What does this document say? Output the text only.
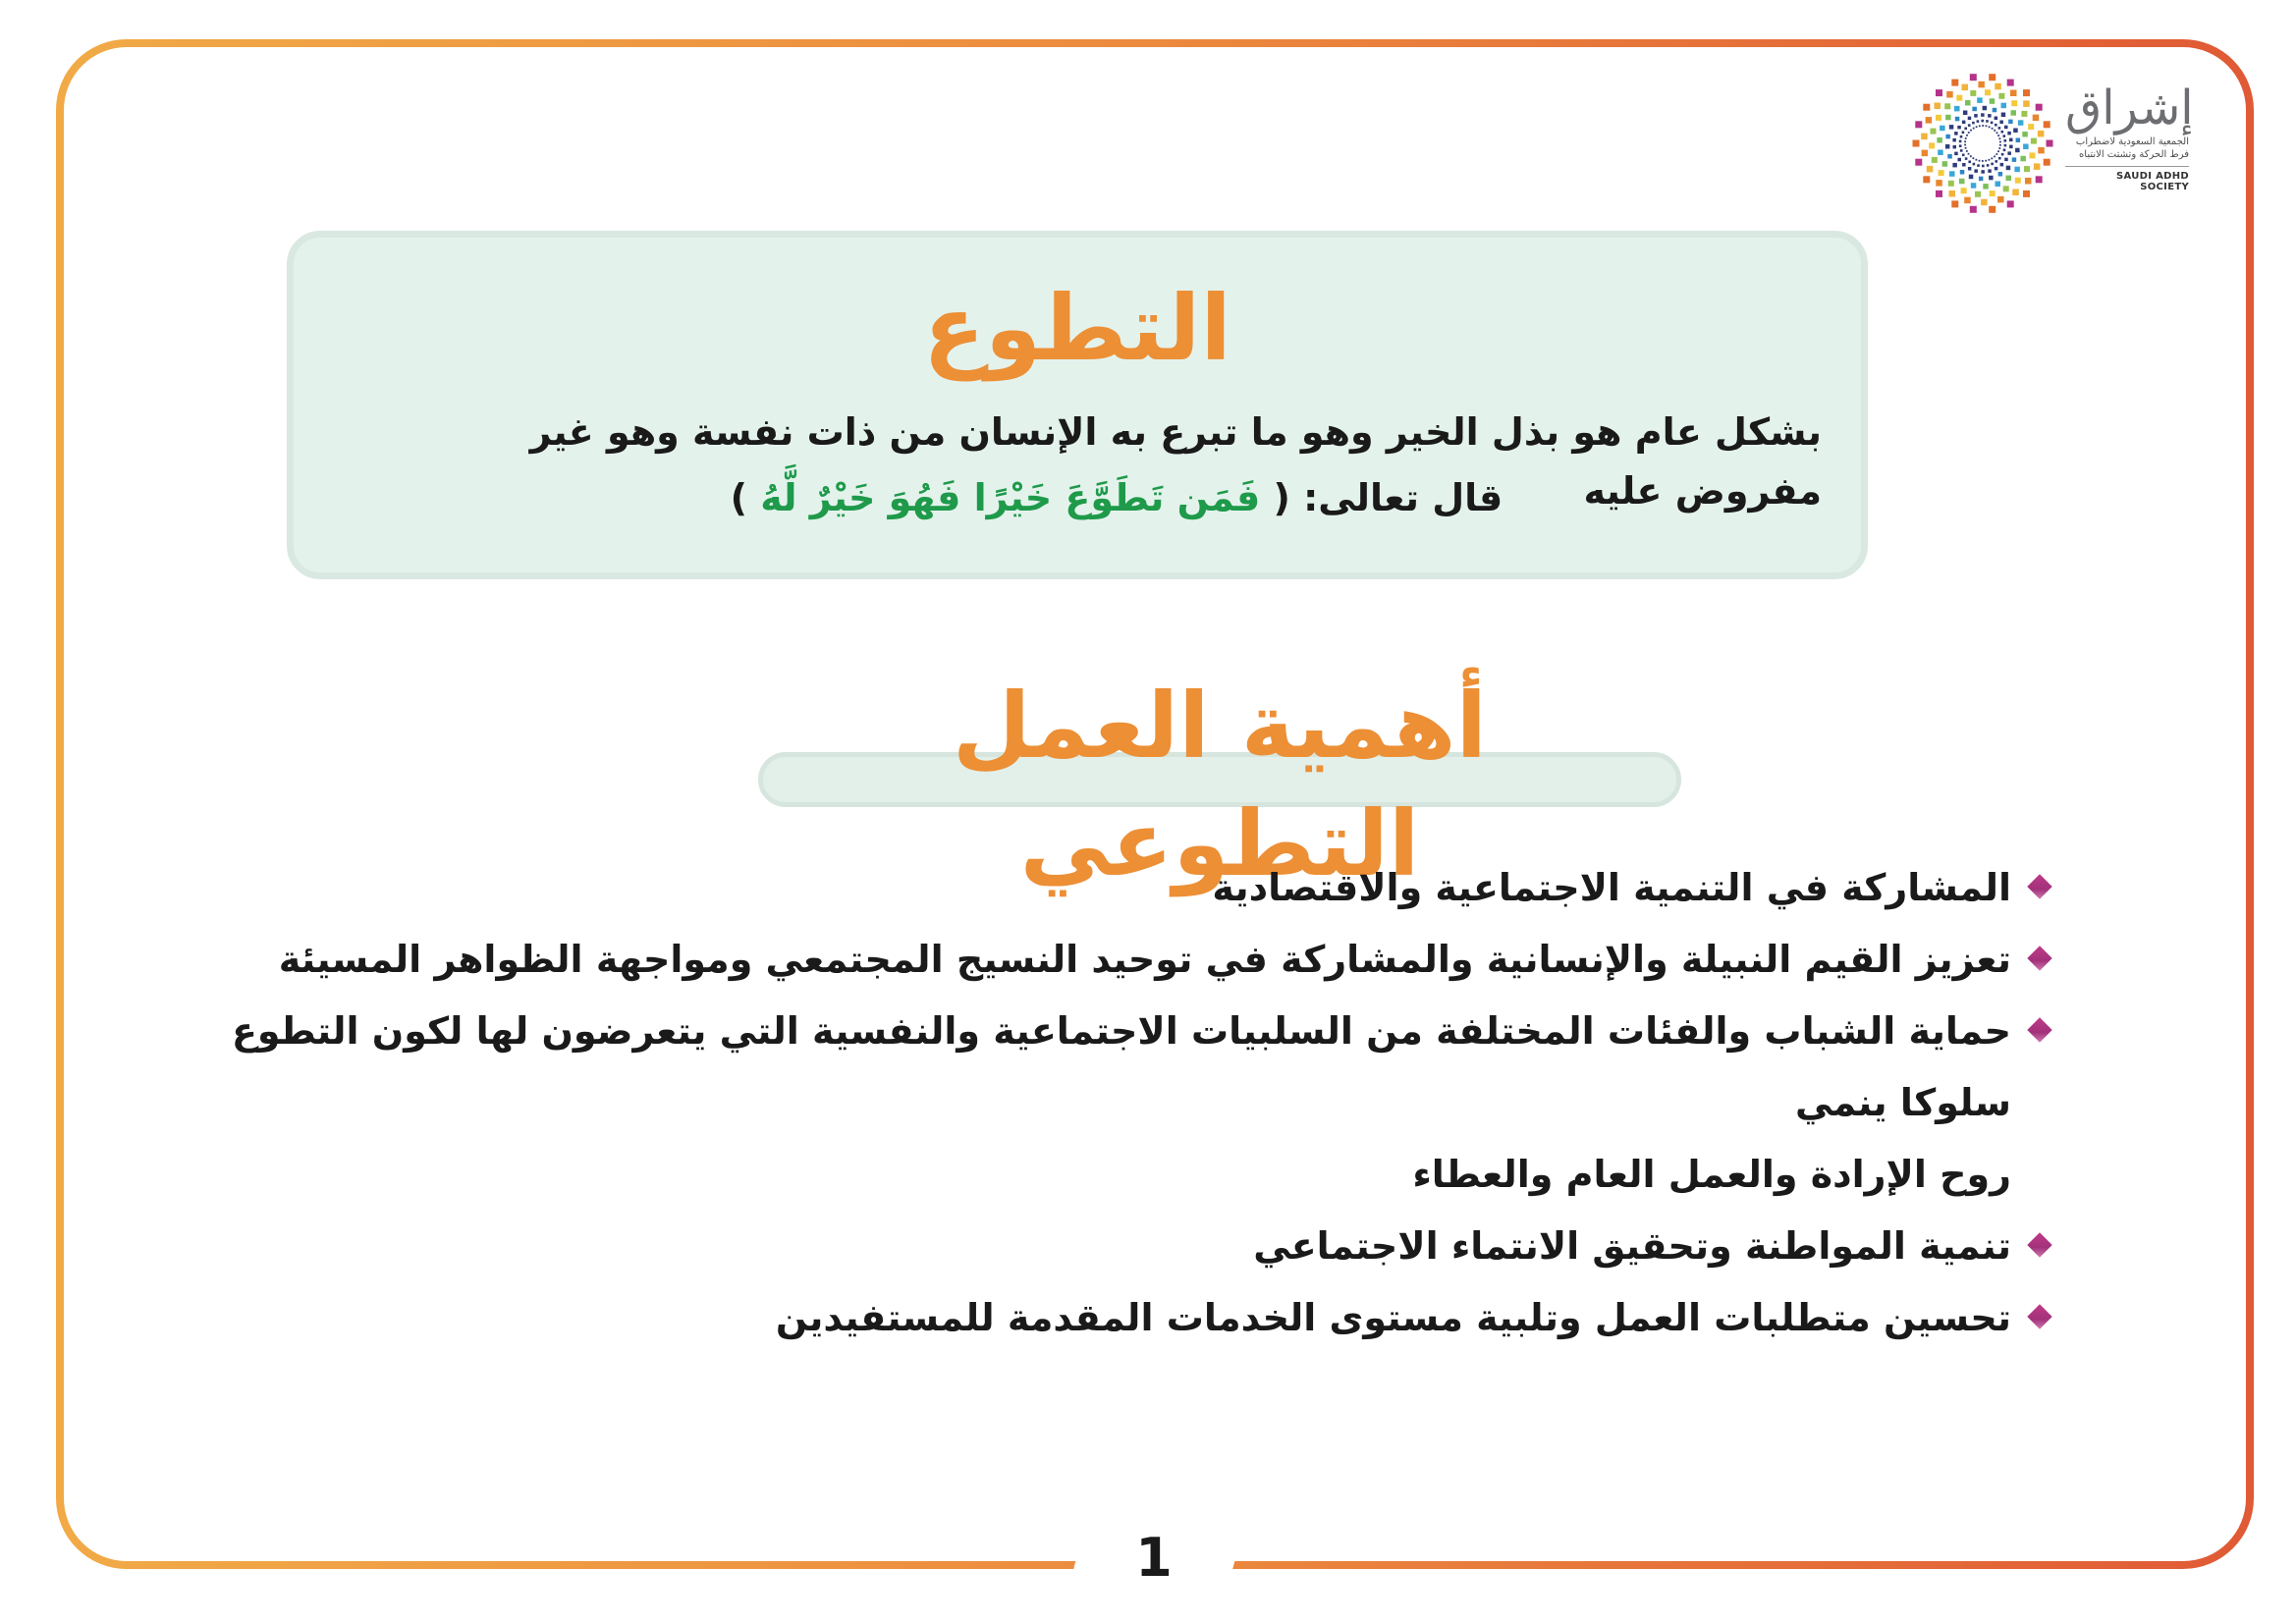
1
إشراق
الجمعية السعودية لاضطراب
فرط الحركة وتشتت الانتباه
SAUDI ADHD SOCIETY
التطوع
بشكل عام هو بذل الخير وهو ما تبرع به الإنسان من ذات نفسة وهو غير مفروض عليه
قال تعالى: ( فَمَن تَطَوَّعَ خَيْرًا فَهُوَ خَيْرٌ لَّهُ )
أهمية العمل التطوعي
المشاركة في التنمية الاجتماعية والاقتصادية
تعزيز القيم النبيلة والإنسانية والمشاركة في توحيد النسيج المجتمعي ومواجهة الظواهر المسيئة
حماية الشباب والفئات المختلفة من السلبيات الاجتماعية والنفسية التي يتعرضون لها لكون التطوع سلوكا ينمي
روح الإرادة والعمل العام والعطاء
تنمية المواطنة وتحقيق الانتماء الاجتماعي
تحسين متطلبات العمل وتلبية مستوى الخدمات المقدمة للمستفيدين
